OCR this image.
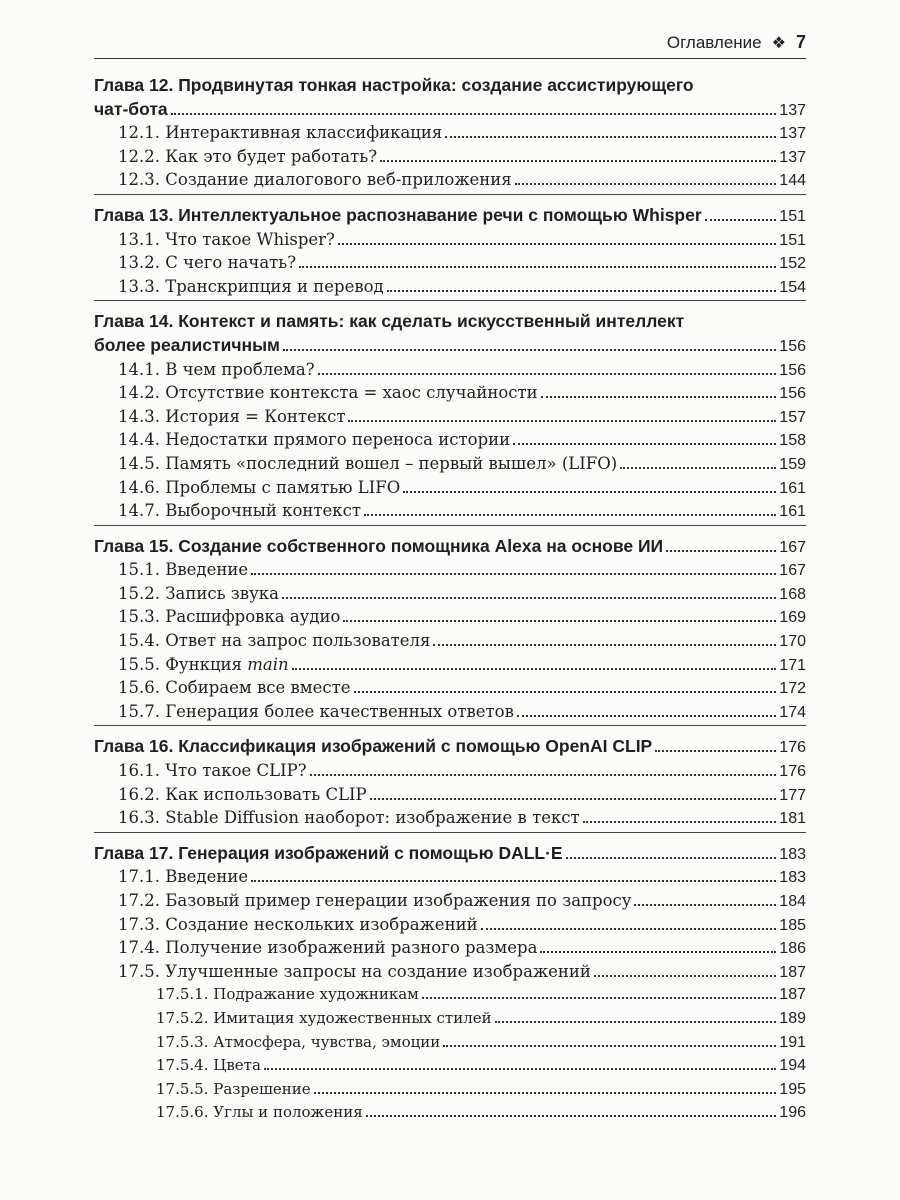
Оглавление ❖ 7
Глава 12. Продвинутая тонкая настройка: создание ассистирующего
чат-бота	137
12.1. Интерактивная классификация	137
12.2. Как это будет работать?	137
12.3. Создание диалогового веб-приложения	144
Глава 13. Интеллектуальное распознавание речи с помощью Whisper	151
13.1. Что такое Whisper?	151
13.2. С чего начать?	152
13.3. Транскрипция и перевод	154
Глава 14. Контекст и память: как сделать искусственный интеллект
более реалистичным	156
14.1. В чем проблема?	156
14.2. Отсутствие контекста = хаос случайности	156
14.3. История = Контекст	157
14.4. Недостатки прямого переноса истории	158
14.5. Память «последний вошел – первый вышел» (LIFO)	159
14.6. Проблемы с памятью LIFO	161
14.7. Выборочный контекст	161
Глава 15. Создание собственного помощника Alexa на основе ИИ	167
15.1. Введение	167
15.2. Запись звука	168
15.3. Расшифровка аудио	169
15.4. Ответ на запрос пользователя	170
15.5. Функция main	171
15.6. Собираем все вместе	172
15.7. Генерация более качественных ответов	174
Глава 16. Классификация изображений с помощью OpenAI CLIP	176
16.1. Что такое CLIP?	176
16.2. Как использовать CLIP	177
16.3. Stable Diffusion наоборот: изображение в текст	181
Глава 17. Генерация изображений с помощью DALL·E	183
17.1. Введение	183
17.2. Базовый пример генерации изображения по запросу	184
17.3. Создание нескольких изображений	185
17.4. Получение изображений разного размера	186
17.5. Улучшенные запросы на создание изображений	187
17.5.1. Подражание художникам	187
17.5.2. Имитация художественных стилей	189
17.5.3. Атмосфера, чувства, эмоции	191
17.5.4. Цвета	194
17.5.5. Разрешение	195
17.5.6. Углы и положения	196
